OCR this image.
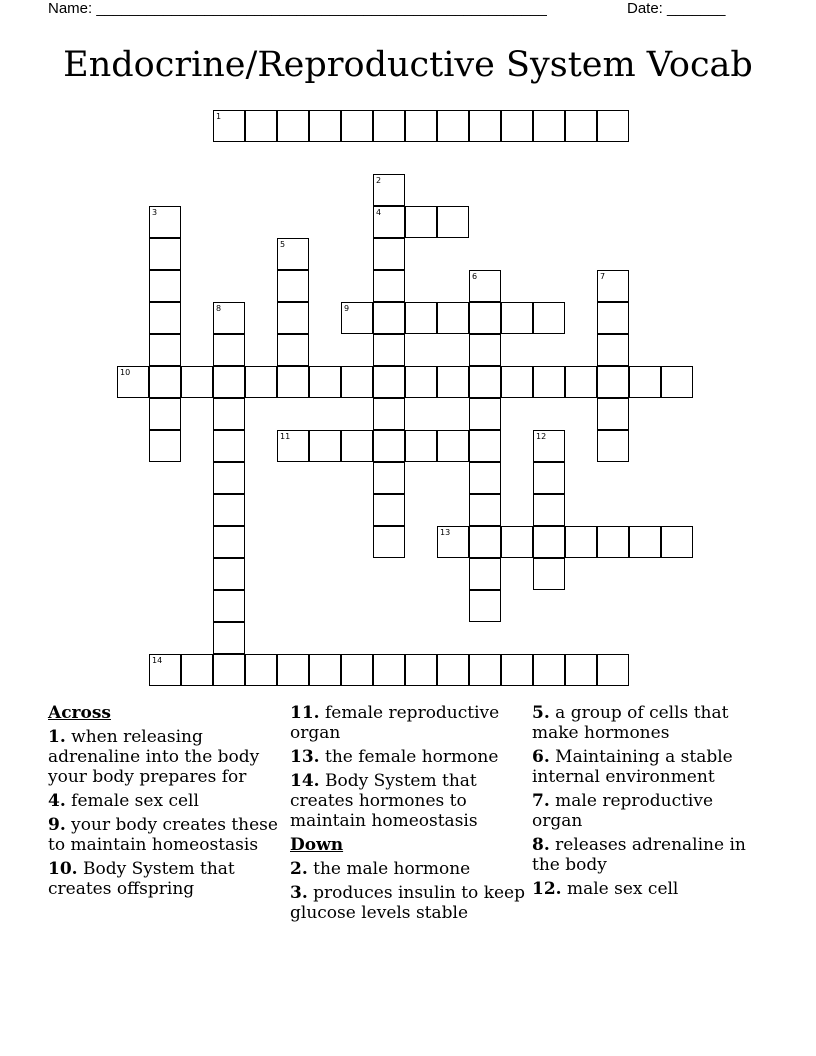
Name: ______________________________________________________	Date: _______
Endocrine/Reproductive System Vocab
1
4
9
10
11
13
14
2
3
5
6	7
8
12
Across
1. when releasing adrenaline into the body your body prepares for
4. female sex cell
9. your body creates these to maintain homeostasis
10. Body System that creates offspring
11. female reproductive organ
13. the female hormone
14. Body System that creates hormones to maintain homeostasis
Down
2. the male hormone
3. produces insulin to keep glucose levels stable
5. a group of cells that make hormones
6. Maintaining a stable internal environment
7. male reproductive organ
8. releases adrenaline in the body
12. male sex cell
